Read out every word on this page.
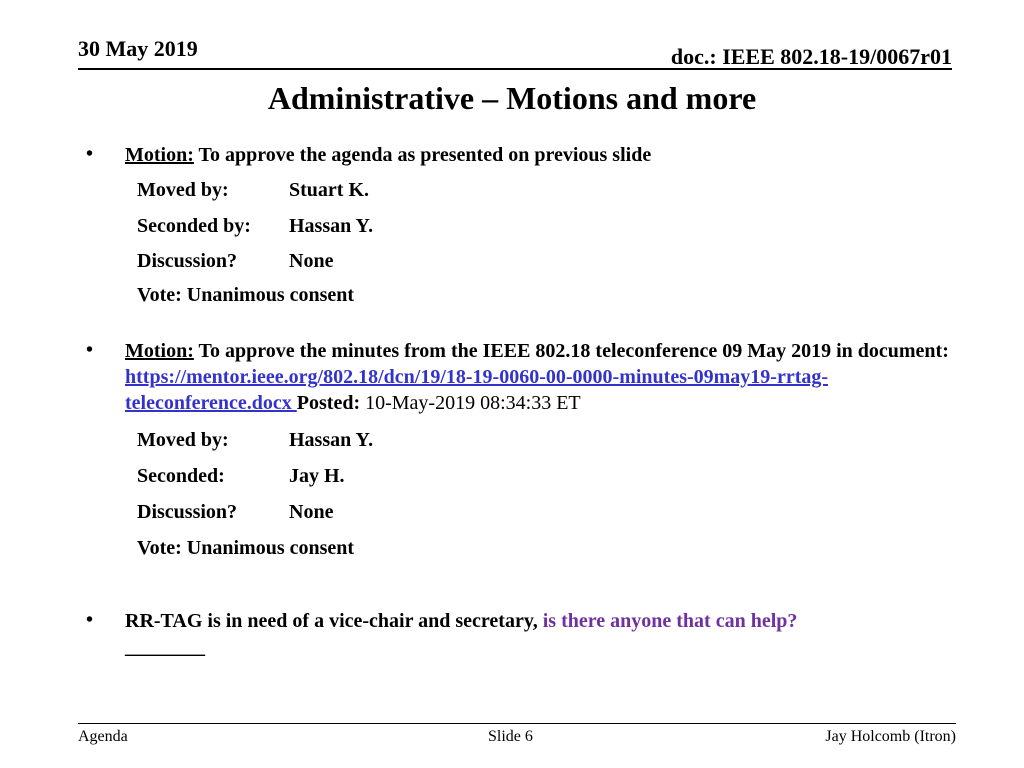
30 May 2019	doc.: IEEE 802.18-19/0067r01
Administrative – Motions and more
• Motion: To approve the agenda as presented on previous slide
Moved by:	Stuart K.
Seconded by: Hassan Y.
Discussion?	None
Vote: Unanimous consent
• Motion: To approve the minutes from the IEEE 802.18 teleconference 09 May 2019 in document: https://mentor.ieee.org/802.18/dcn/19/18-19-0060-00-0000-minutes-09may19-rrtag-teleconference.docx Posted: 10-May-2019 08:34:33 ET
Moved by:	Hassan Y.
Seconded:	Jay H.
Discussion?	None
Vote: Unanimous consent
• RR-TAG is in need of a vice-chair and secretary, is there anyone that can help?
________
Agenda	Slide 6	Jay Holcomb (Itron)
